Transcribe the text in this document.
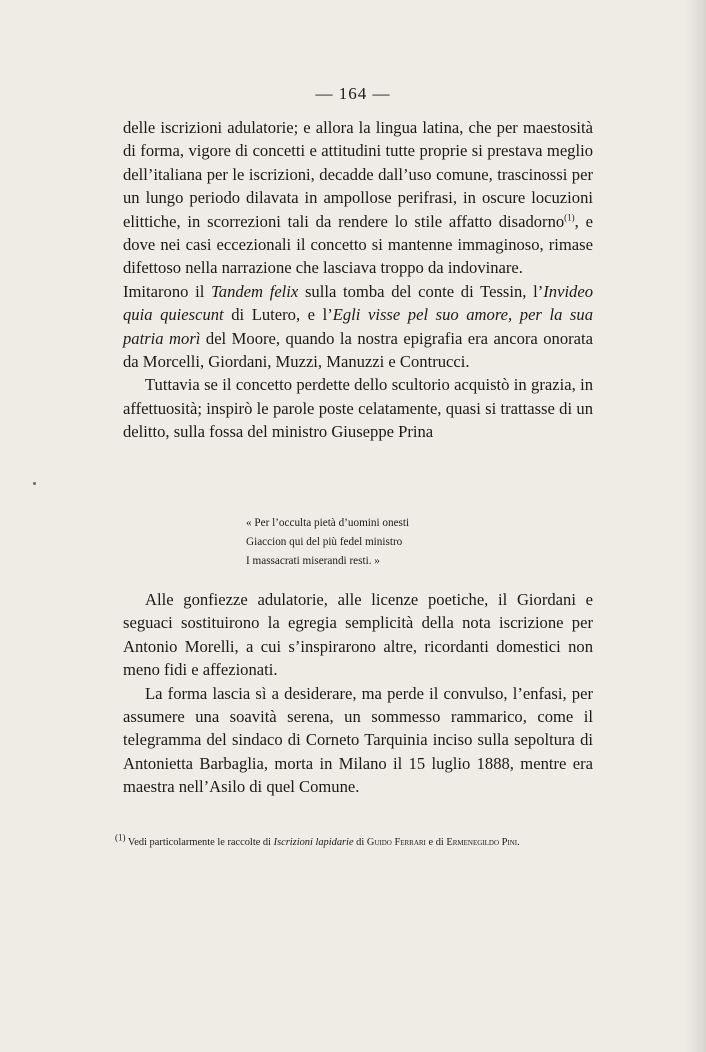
— 164 —

delle iscrizioni adulatorie; e allora la lingua latina, che per maestosità di forma, vigore di concetti e attitudini tutte proprie si prestava meglio dell’italiana per le iscrizioni, decadde dall’uso comune, trascinossi per un lungo periodo dilavata in ampollose perifrasi, in oscure locuzioni elittiche, in scorrezioni tali da rendere lo stile affatto disadorno$^{(1)}$, e dove nei casi eccezionali il concetto si mantenne immaginoso, rimase difettoso nella narrazione che lasciava troppo da indovinare.

Imitarono il Tandem felix sulla tomba del conte di Tessin, l’Invideo quia quiescunt di Lutero, e l’Egli visse pel suo amore, per la sua patria morì del Moore, quando la nostra epigrafia era ancora onorata da Morcelli, Giordani, Muzzi, Manuzzi e Contrucci.

Tuttavia se il concetto perdette dello scultorio acquistò in grazia, in affettuosità; inspirò le parole poste celatamente, quasi si trattasse di un delitto, sulla fossa del ministro Giuseppe Prina

« Per l’occulta pietà d’uomini onesti
Giaccion qui del più fedel ministro
I massacrati miserandi resti. »

Alle gonfiezze adulatorie, alle licenze poetiche, il Giordani e seguaci sostituirono la egregia semplicità della nota iscrizione per Antonio Morelli, a cui s’inspirarono altre, ricordanti domestici non meno fidi e affezionati.

La forma lascia sì a desiderare, ma perde il convulso, l’enfasi, per assumere una soavità serena, un sommesso rammarico, come il telegramma del sindaco di Corneto Tarquinia inciso sulla sepoltura di Antonietta Barbaglia, morta in Milano il 15 luglio 1888, mentre era maestra nell’Asilo di quel Comune.

$^{(1)}$ Vedi particolarmente le raccolte di Iscrizioni lapidarie di Guido Ferrari e di Ermenegildo Pini.
